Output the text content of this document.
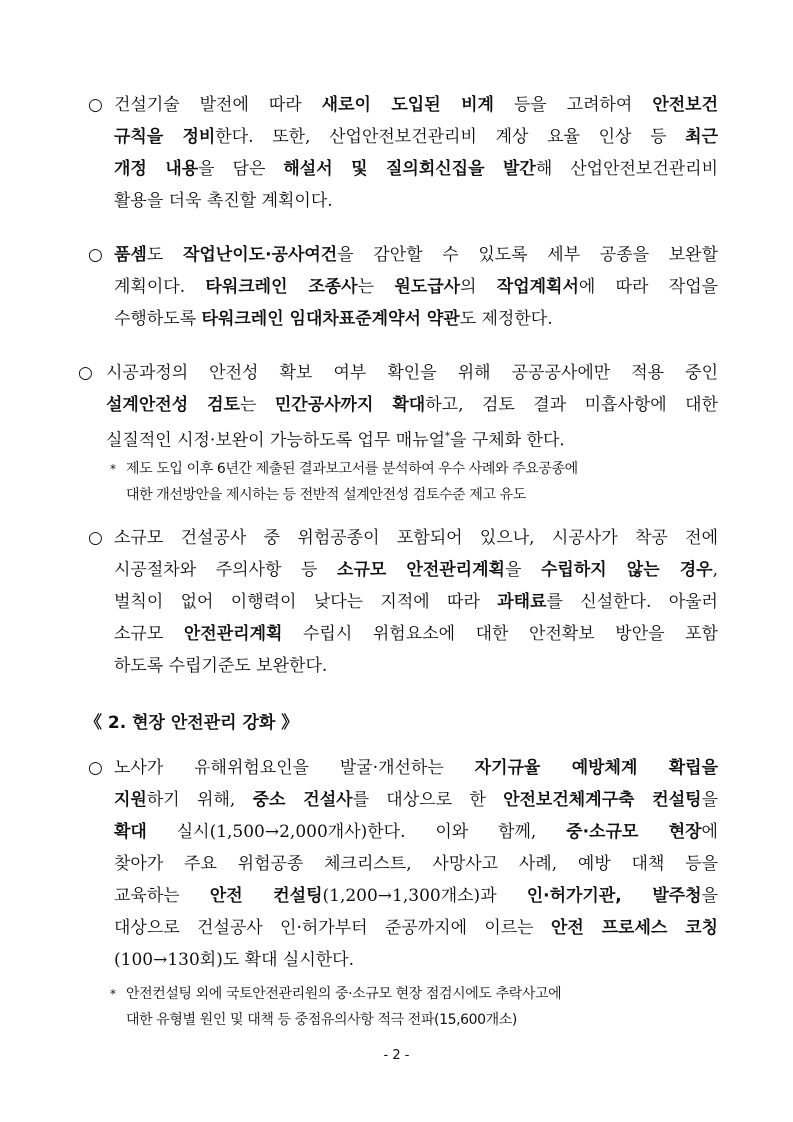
○ 건설기술 발전에 따라 새로이 도입된 비계 등을 고려하여 안전보건
규칙을 정비한다. 또한, 산업안전보건관리비 계상 요율 인상 등 최근
개정 내용을 담은 해설서 및 질의회신집을 발간해 산업안전보건관리비
활용을 더욱 촉진할 계획이다.
○ 품셈도 작업난이도·공사여건을 감안할 수 있도록 세부 공종을 보완할
계획이다. 타워크레인 조종사는 원도급사의 작업계획서에 따라 작업을
수행하도록 타워크레인 임대차표준계약서 약관도 제정한다.
○ 시공과정의 안전성 확보 여부 확인을 위해 공공공사에만 적용 중인
설계안전성 검토는 민간공사까지 확대하고, 검토 결과 미흡사항에 대한
실질적인 시정·보완이 가능하도록 업무 매뉴얼*을 구체화 한다.
* 제도 도입 이후 6년간 제출된 결과보고서를 분석하여 우수 사례와 주요공종에
대한 개선방안을 제시하는 등 전반적 설계안전성 검토수준 제고 유도
○ 소규모 건설공사 중 위험공종이 포함되어 있으나, 시공사가 착공 전에
시공절차와 주의사항 등 소규모 안전관리계획을 수립하지 않는 경우,
벌칙이 없어 이행력이 낮다는 지적에 따라 과태료를 신설한다. 아울러
소규모 안전관리계획 수립시 위험요소에 대한 안전확보 방안을 포함
하도록 수립기준도 보완한다.
《 2. 현장 안전관리 강화 》
○ 노사가 유해위험요인을 발굴·개선하는 자기규율 예방체계 확립을
지원하기 위해, 중소 건설사를 대상으로 한 안전보건체계구축 컨설팅을
확대 실시(1,500→2,000개사)한다. 이와 함께, 중·소규모 현장에
찾아가 주요 위험공종 체크리스트, 사망사고 사례, 예방 대책 등을
교육하는 안전 컨설팅(1,200→1,300개소)과 인·허가기관, 발주청을
대상으로 건설공사 인·허가부터 준공까지에 이르는 안전 프로세스 코칭
(100→130회)도 확대 실시한다.
* 안전컨설팅 외에 국토안전관리원의 중·소규모 현장 점검시에도 추락사고에
대한 유형별 원인 및 대책 등 중점유의사항 적극 전파(15,600개소)
- 2 -
